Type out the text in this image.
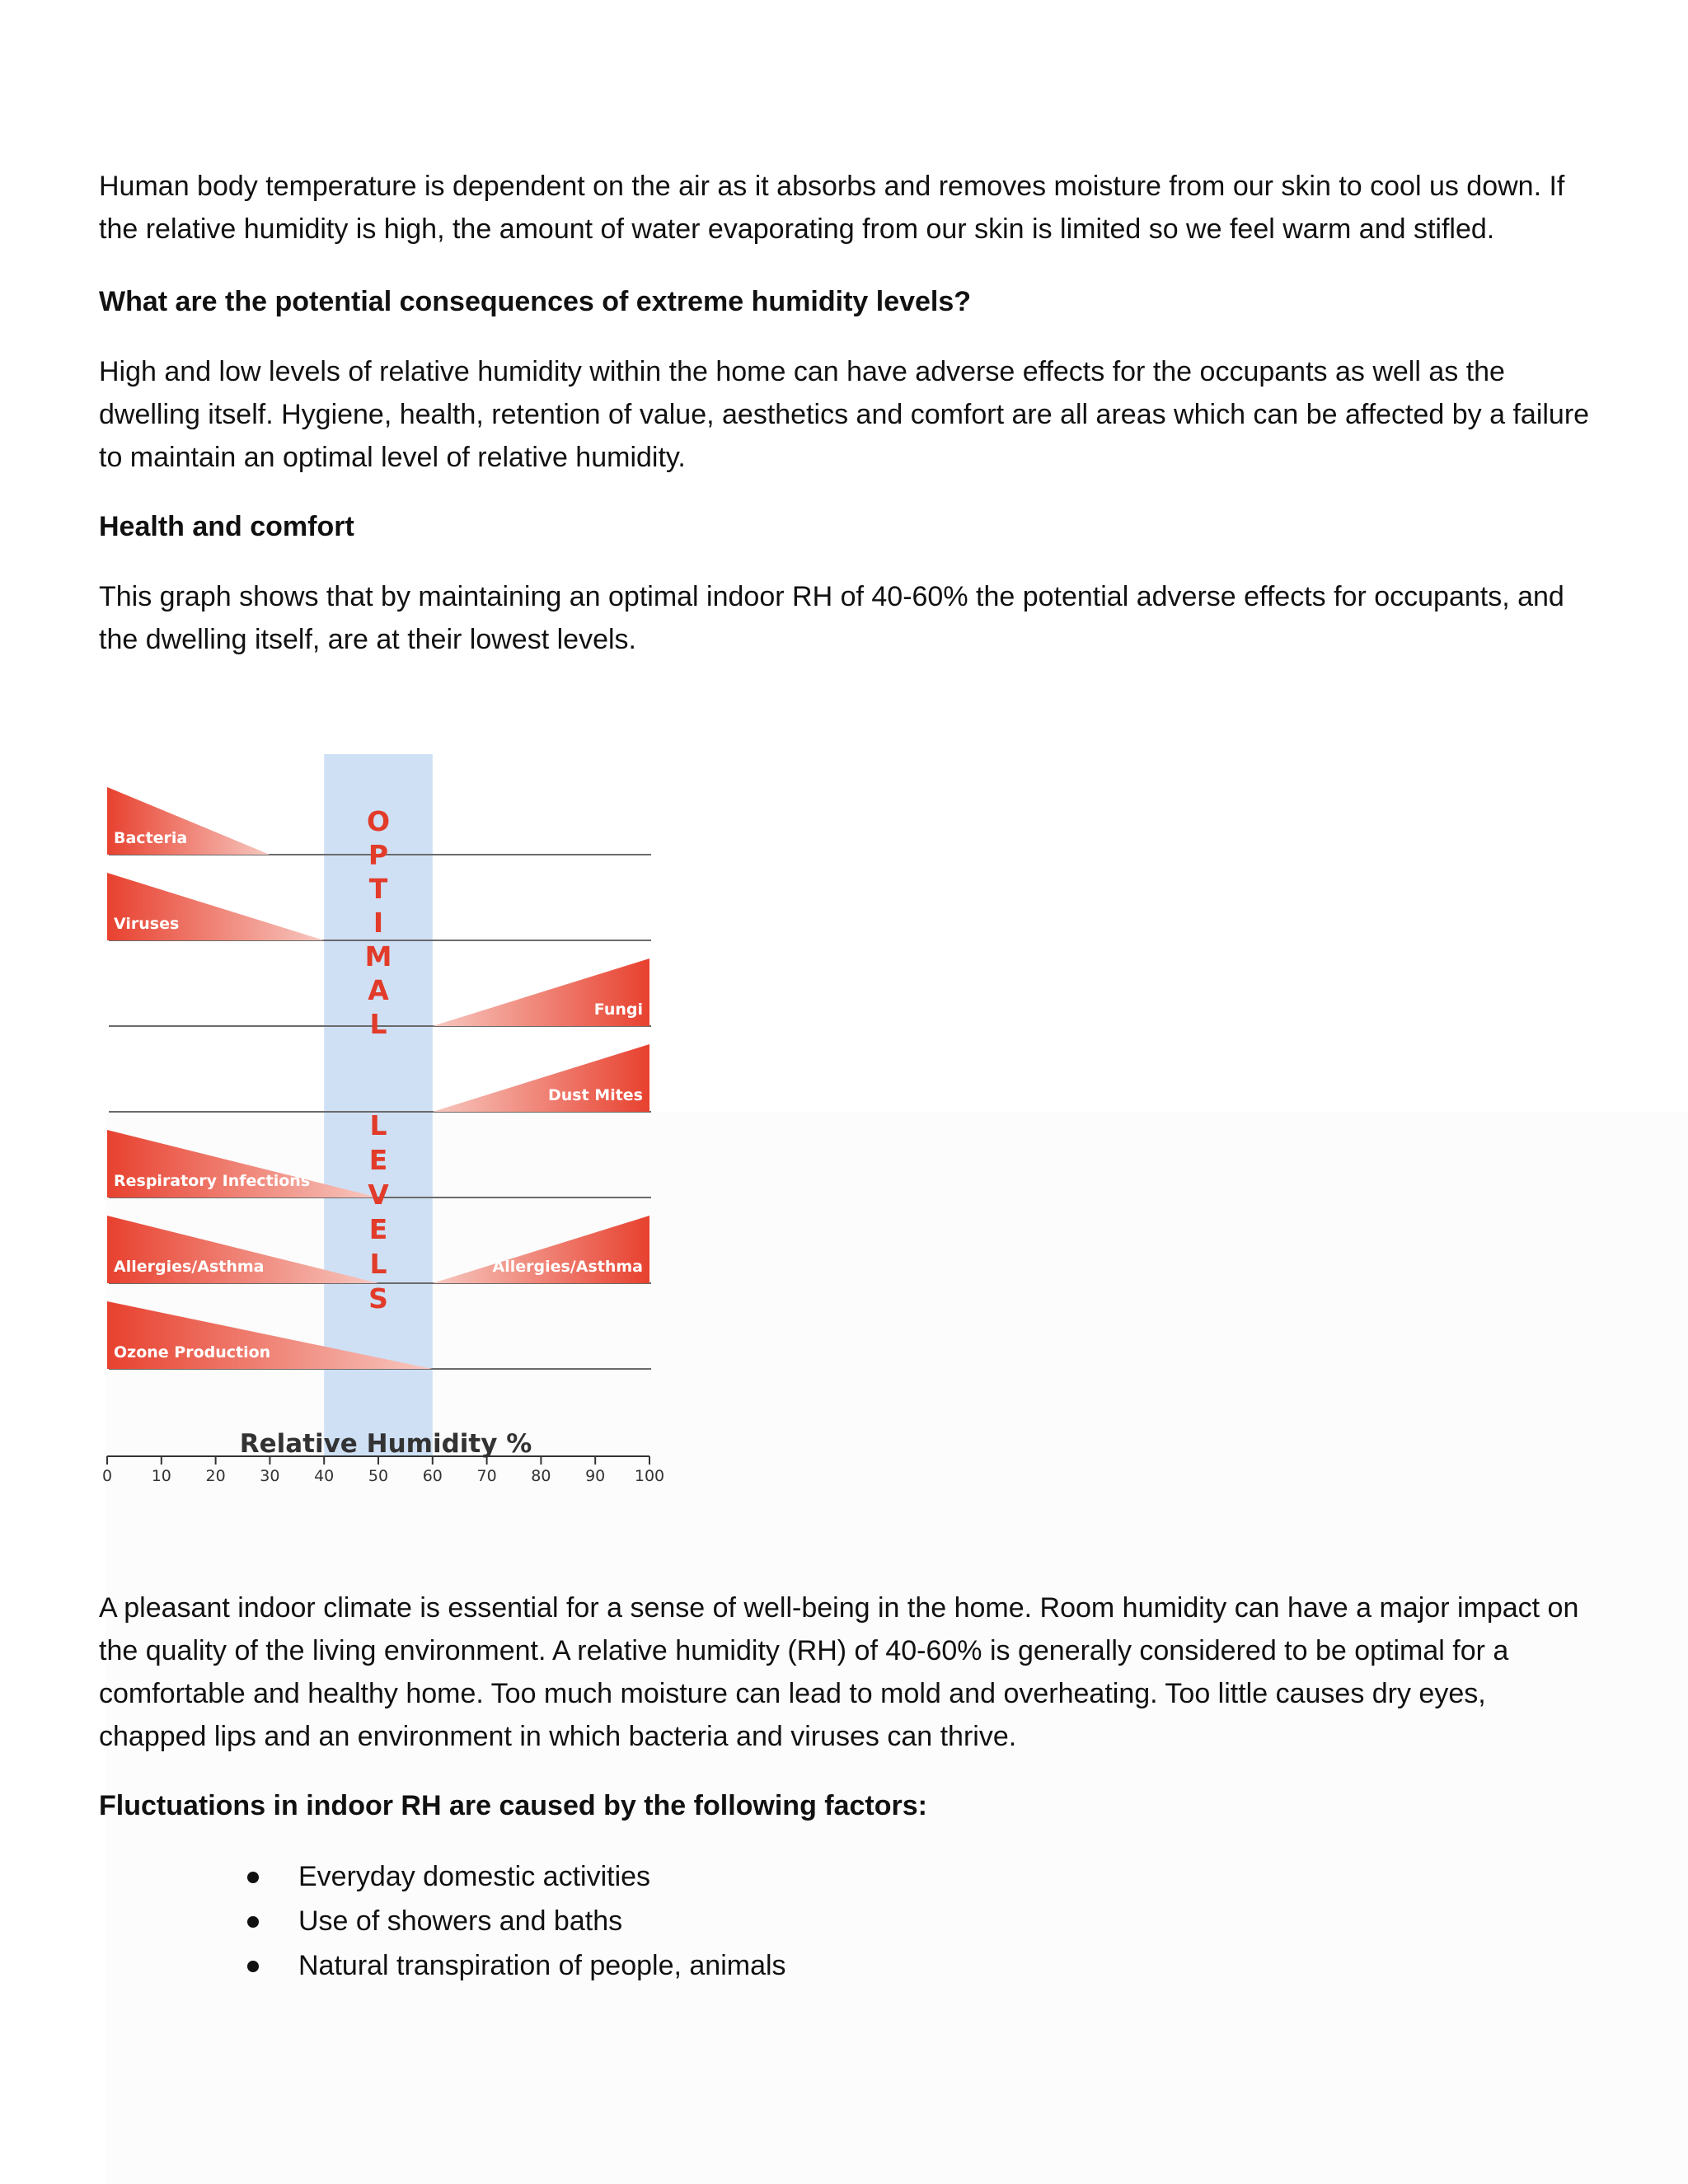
Human body temperature is dependent on the air as it absorbs and removes moisture from our skin to cool us down. If the relative humidity is high, the amount of water evaporating from our skin is limited so we feel warm and stifled.

What are the potential consequences of extreme humidity levels?

High and low levels of relative humidity within the home can have adverse effects for the occupants as well as the dwelling itself. Hygiene, health, retention of value, aesthetics and comfort are all areas which can be affected by a failure to maintain an optimal level of relative humidity.

Health and comfort

This graph shows that by maintaining an optimal indoor RH of 40-60% the potential adverse effects for occupants, and the dwelling itself, are at their lowest levels.

Bacteria
Viruses
Fungi
Dust Mites
Respiratory Infections
Allergies/Asthma	Allergies/Asthma
Ozone Production
O
P
T
I
M
A
L
L
E
V
E
L
S
0	10 20 30 40 50 60 70 80 90 100
Relative Humidity %

A pleasant indoor climate is essential for a sense of well-being in the home. Room humidity can have a major impact on the quality of the living environment. A relative humidity (RH) of 40-60% is generally considered to be optimal for a comfortable and healthy home. Too much moisture can lead to mold and overheating. Too little causes dry eyes, chapped lips and an environment in which bacteria and viruses can thrive.

Fluctuations in indoor RH are caused by the following factors:

Everyday domestic activities
Use of showers and baths
Natural transpiration of people, animals
